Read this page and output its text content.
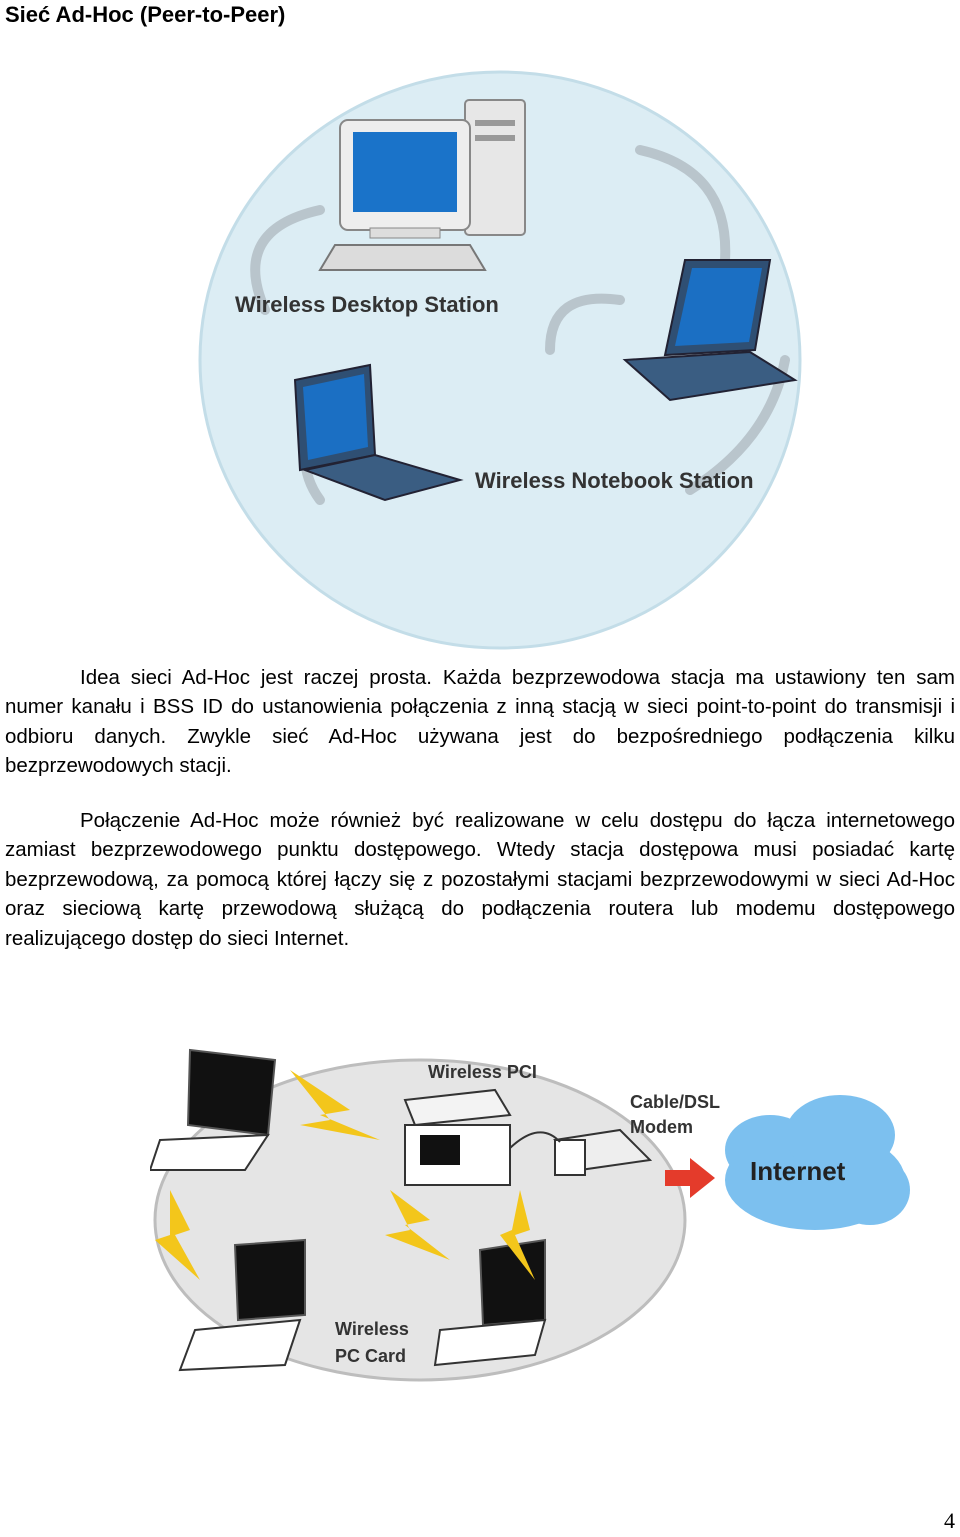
Sieć Ad-Hoc (Peer-to-Peer)
Wireless Desktop Station
Wireless Notebook Station

Idea sieci Ad-Hoc jest raczej prosta. Każda bezprzewodowa stacja ma ustawiony ten sam numer kanału i BSS ID do ustanowienia połączenia z inną stacją w sieci point-to-point do transmisji i odbioru danych. Zwykle sieć Ad-Hoc używana jest do bezpośredniego podłączenia kilku bezprzewodowych stacji.

Połączenie Ad-Hoc może również być realizowane w celu dostępu do łącza internetowego zamiast bezprzewodowego punktu dostępowego. Wtedy stacja dostępowa musi posiadać kartę bezprzewodową, za pomocą której łączy się z pozostałymi stacjami bezprzewodowymi w sieci Ad-Hoc oraz sieciową kartę przewodową służącą do podłączenia routera lub modemu dostępowego realizującego dostęp do sieci Internet.

Wireless PCI
Cable/DSL
Modem
Internet
Wireless
PC Card
4
